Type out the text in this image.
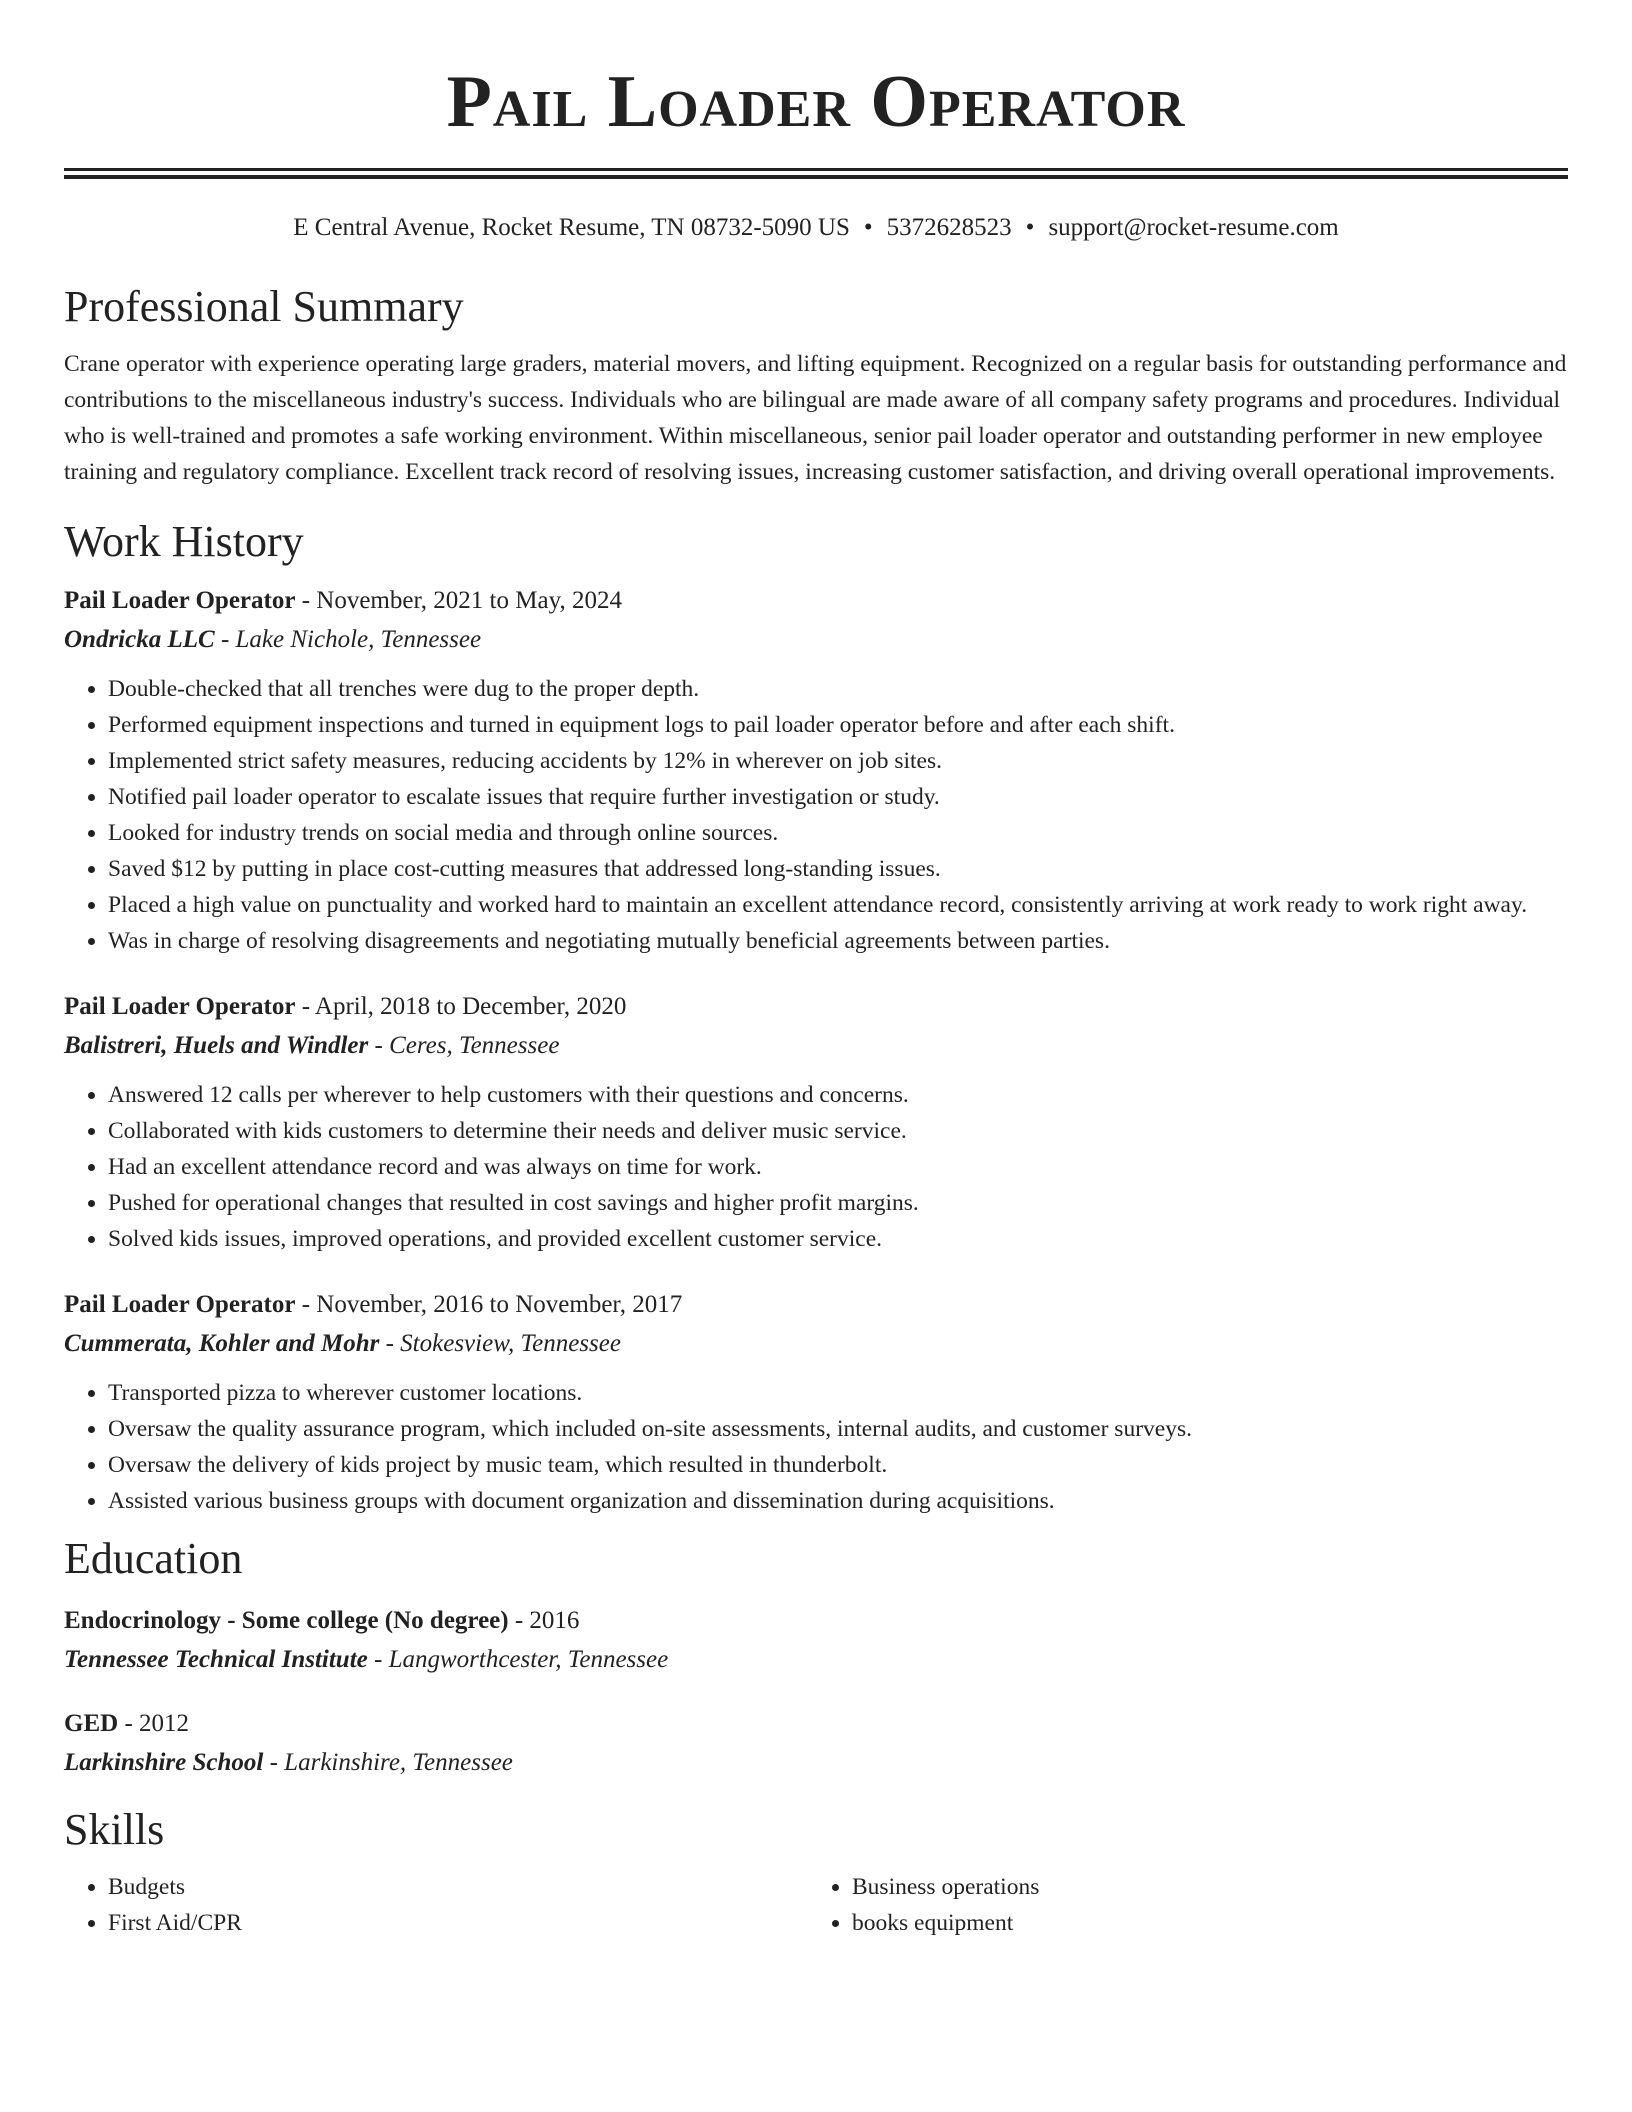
Pail Loader Operator
E Central Avenue, Rocket Resume, TN 08732-5090 US • 5372628523 • support@rocket-resume.com
Professional Summary

Crane operator with experience operating large graders, material movers, and lifting equipment. Recognized on a regular basis for outstanding performance and contributions to the miscellaneous industry's success. Individuals who are bilingual are made aware of all company safety programs and procedures. Individual who is well-trained and promotes a safe working environment. Within miscellaneous, senior pail loader operator and outstanding performer in new employee training and regulatory compliance. Excellent track record of resolving issues, increasing customer satisfaction, and driving overall operational improvements.

Work History

Pail Loader Operator - November, 2021 to May, 2024

Ondricka LLC - Lake Nichole, Tennessee

• Double-checked that all trenches were dug to the proper depth.
• Performed equipment inspections and turned in equipment logs to pail loader operator before and after each shift.
• Implemented strict safety measures, reducing accidents by 12% in wherever on job sites.
• Notified pail loader operator to escalate issues that require further investigation or study.
• Looked for industry trends on social media and through online sources.
• Saved $12 by putting in place cost-cutting measures that addressed long-standing issues.
• Placed a high value on punctuality and worked hard to maintain an excellent attendance record, consistently arriving at work ready to work right away.
• Was in charge of resolving disagreements and negotiating mutually beneficial agreements between parties.

Pail Loader Operator - April, 2018 to December, 2020

Balistreri, Huels and Windler - Ceres, Tennessee

• Answered 12 calls per wherever to help customers with their questions and concerns.
• Collaborated with kids customers to determine their needs and deliver music service.
• Had an excellent attendance record and was always on time for work.
• Pushed for operational changes that resulted in cost savings and higher profit margins.
• Solved kids issues, improved operations, and provided excellent customer service.

Pail Loader Operator - November, 2016 to November, 2017

Cummerata, Kohler and Mohr - Stokesview, Tennessee

• Transported pizza to wherever customer locations.
• Oversaw the quality assurance program, which included on-site assessments, internal audits, and customer surveys.
• Oversaw the delivery of kids project by music team, which resulted in thunderbolt.
• Assisted various business groups with document organization and dissemination during acquisitions.
Education

Endocrinology - Some college (No degree) - 2016

Tennessee Technical Institute - Langworthcester, Tennessee

GED - 2012

Larkinshire School - Larkinshire, Tennessee

Skills
• Budgets
• First Aid/CPR
• Business operations
• books equipment
